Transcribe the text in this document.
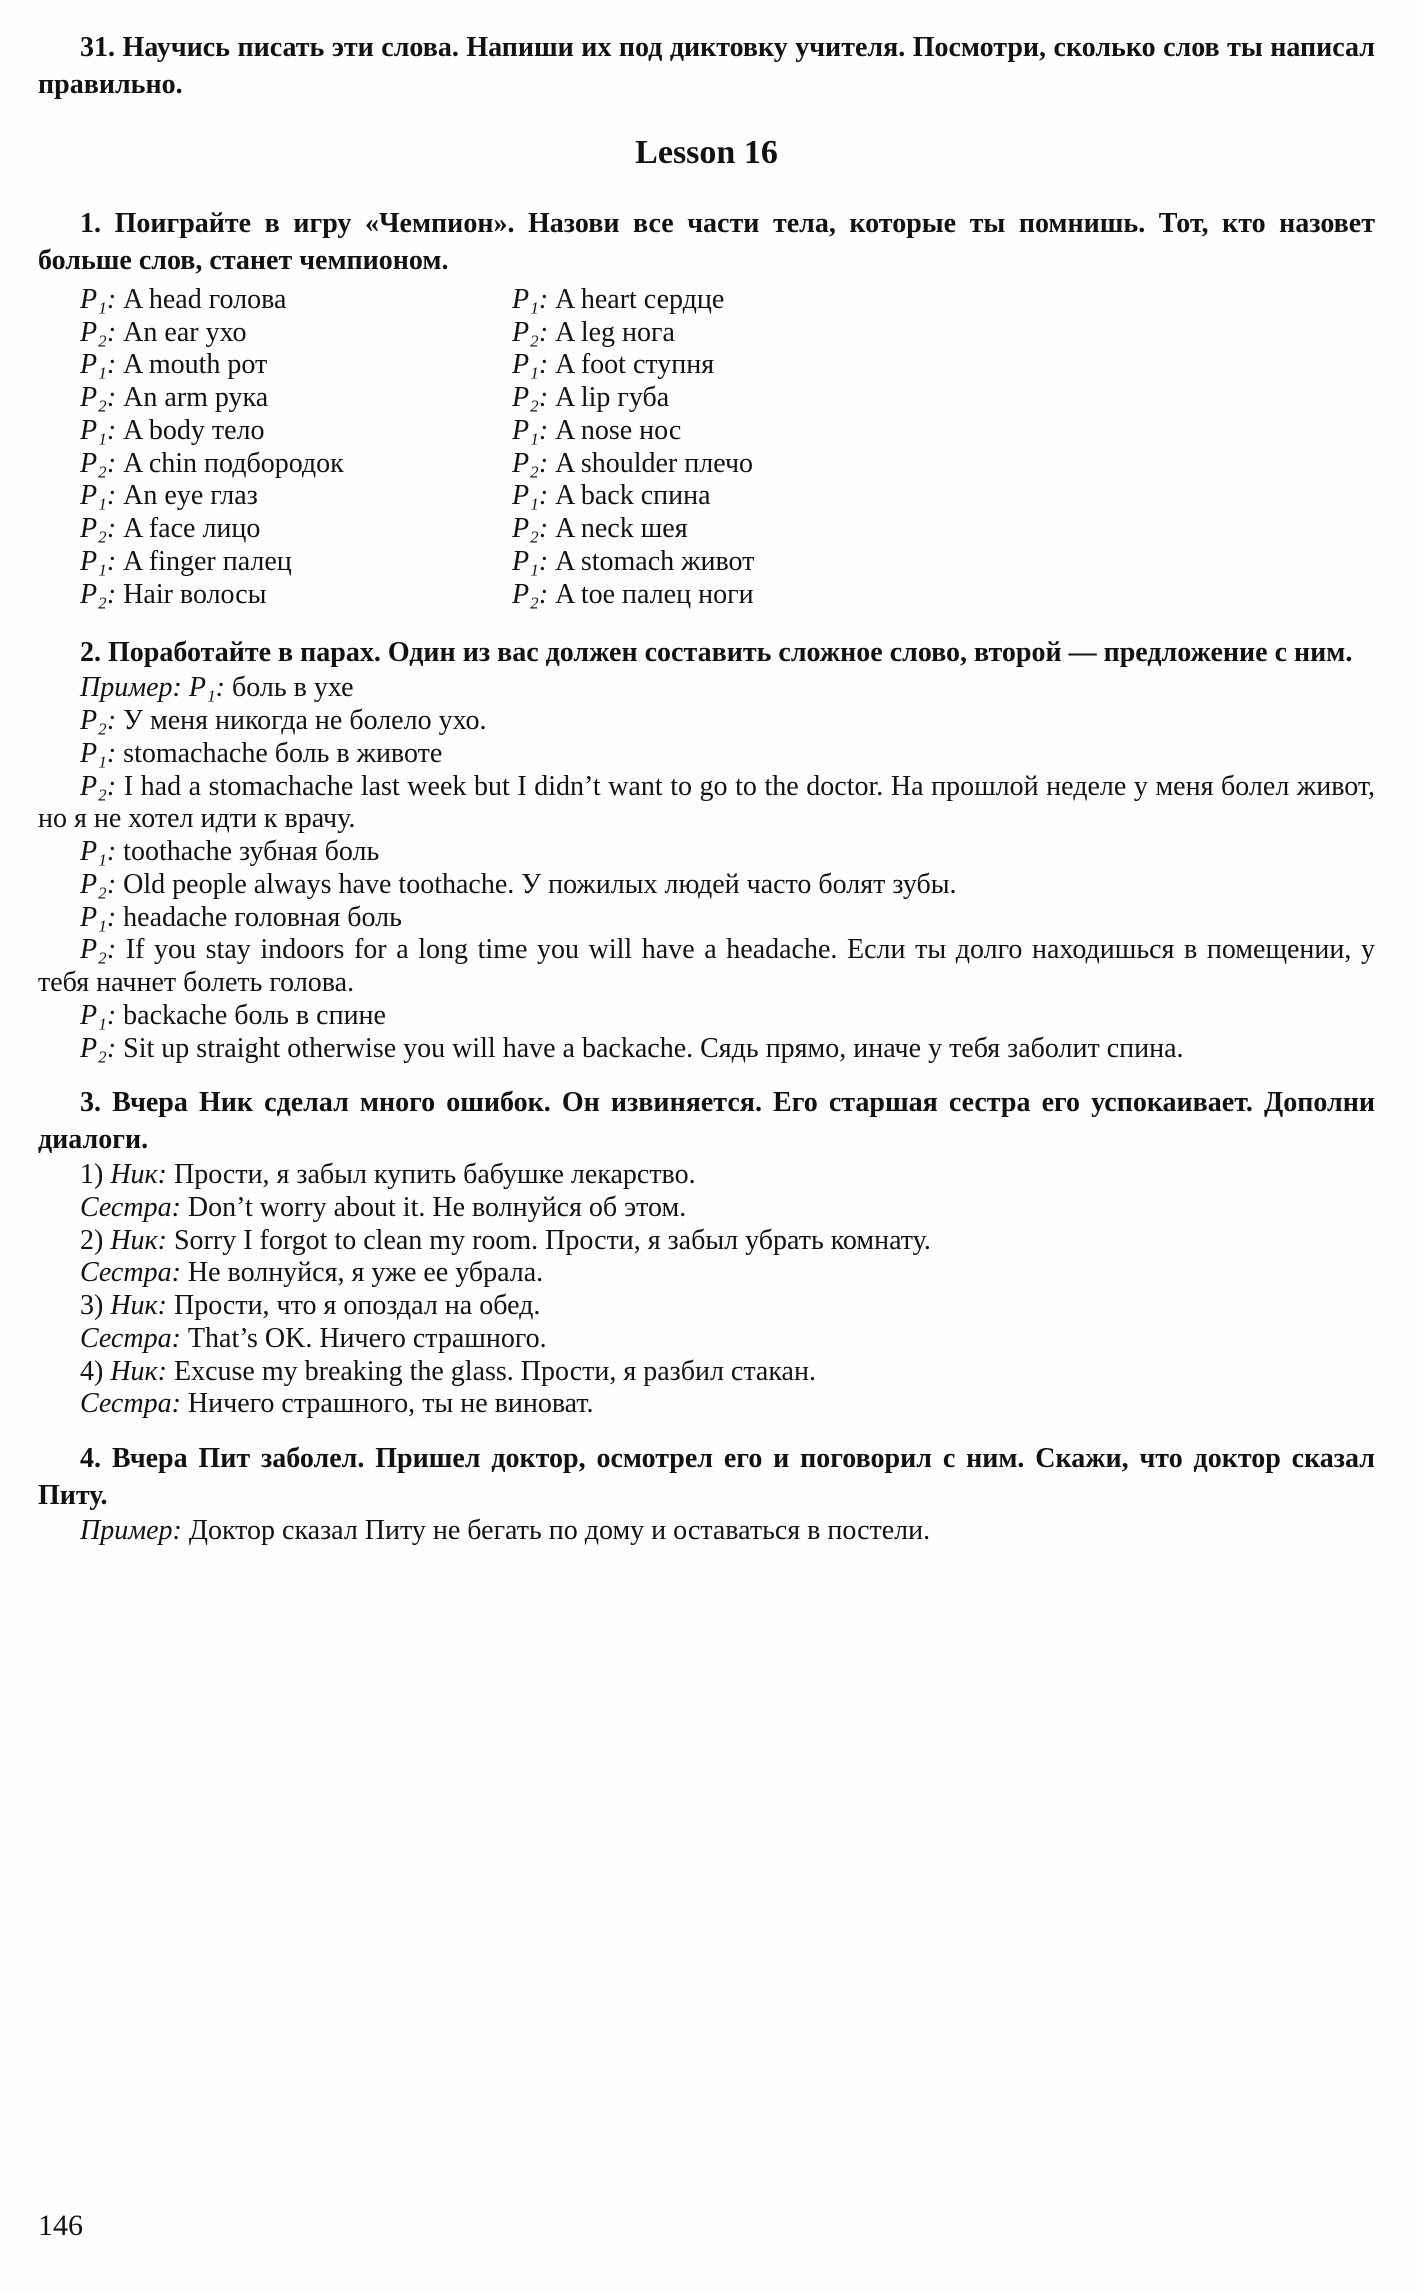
31. Научись писать эти слова. Напиши их под диктовку учителя. Посмотри, сколько слов ты написал правильно.

Lesson 16

1. Поиграйте в игру «Чемпион». Назови все части тела, которые ты помнишь. Тот, кто назовет больше слов, станет чемпионом.

P₁: A head голова

P₂: An ear ухо

P₁: A mouth рот

P₂: An arm рука

P₁: A body тело

P₂: A chin подбородок

P₁: An eye глаз

P₂: A face лицо

P₁: A finger палец

P₂: Hair волосы

P₁: A heart сердце

P₂: A leg нога

P₁: A foot ступня

P₂: A lip губа

P₁: A nose нос

P₂: A shoulder плечо

P₁: A back спина

P₂: A neck шея

P₁: A stomach живот

P₂: A toe палец ноги

2. Поработайте в парах. Один из вас должен составить сложное слово, второй — предложение с ним.

Пример: P₁: боль в ухе

P₂: У меня никогда не болело ухо.

P₁: stomachache боль в животе

P₂: I had a stomachache last week but I didn’t want to go to the doctor. На прошлой неделе у меня болел живот, но я не хотел идти к врачу.

P₁: toothache зубная боль

P₂: Old people always have toothache. У пожилых людей часто болят зубы.

P₁: headache головная боль

P₂: If you stay indoors for a long time you will have a headache. Если ты долго находишься в помещении, у тебя начнет болеть голова.

P₁: backache боль в спине

P₂: Sit up straight otherwise you will have a backache. Сядь прямо, иначе у тебя заболит спина.

3. Вчера Ник сделал много ошибок. Он извиняется. Его старшая сестра его успокаивает. Дополни диалоги.

1) Ник: Прости, я забыл купить бабушке лекарство.

Сестра: Don’t worry about it. Не волнуйся об этом.

2) Ник: Sorry I forgot to clean my room. Прости, я забыл убрать комнату.

Сестра: Не волнуйся, я уже ее убрала.

3) Ник: Прости, что я опоздал на обед.

Сестра: That’s OK. Ничего страшного.

4) Ник: Excuse my breaking the glass. Прости, я разбил стакан.

Сестра: Ничего страшного, ты не виноват.

4. Вчера Пит заболел. Пришел доктор, осмотрел его и поговорил с ним. Скажи, что доктор сказал Питу.

Пример: Доктор сказал Питу не бегать по дому и оставаться в постели.

146
